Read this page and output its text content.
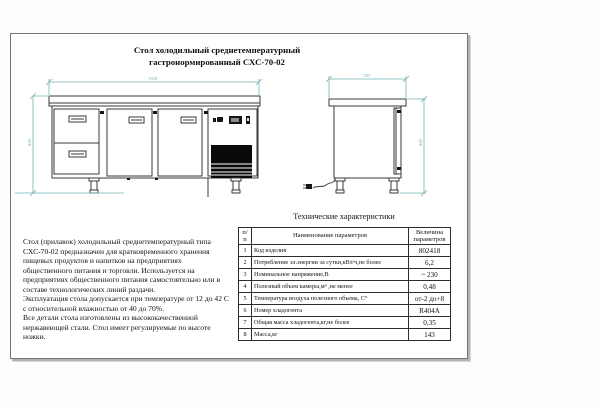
Стол холодильный среднетемпературный
гастронормированный СХС-70-02
1500
850
700
850
Стол (прилавок) холодильный среднетемпературный типа СХС-70-02 предназначен для кратковременного хранения пищевых продуктов и напитков на предприятиях общественного питания и торговли. Используется на предприятиях общественного питания самостоятельно или в составе технологических линий раздачи.
Эксплуатация стола допускается при температуре от 12 до 42 С с относительной влажностью от 40 до 70%.
Все детали стола изготовлены из высококачественной нержавеющей стали. Стол имеет регулируемые по высоте ножки.
Технические характеристики
п/п	Наименование параметров	Величина параметров
1	Код изделия	802418
2	Потребление эл.энергии за сутки,кВт/ч,не более	6,2
3	Номинальное напряжение,В	~ 230
4	Полезный объем камеры,м³ ,не менее	0,48
5	Температура воздуха полезного объема, С°	от-2 до+8
6	Номер хладогента	R404A
7	Общая масса хладогента,кг,не более	0,35
8	Масса,кг	143
